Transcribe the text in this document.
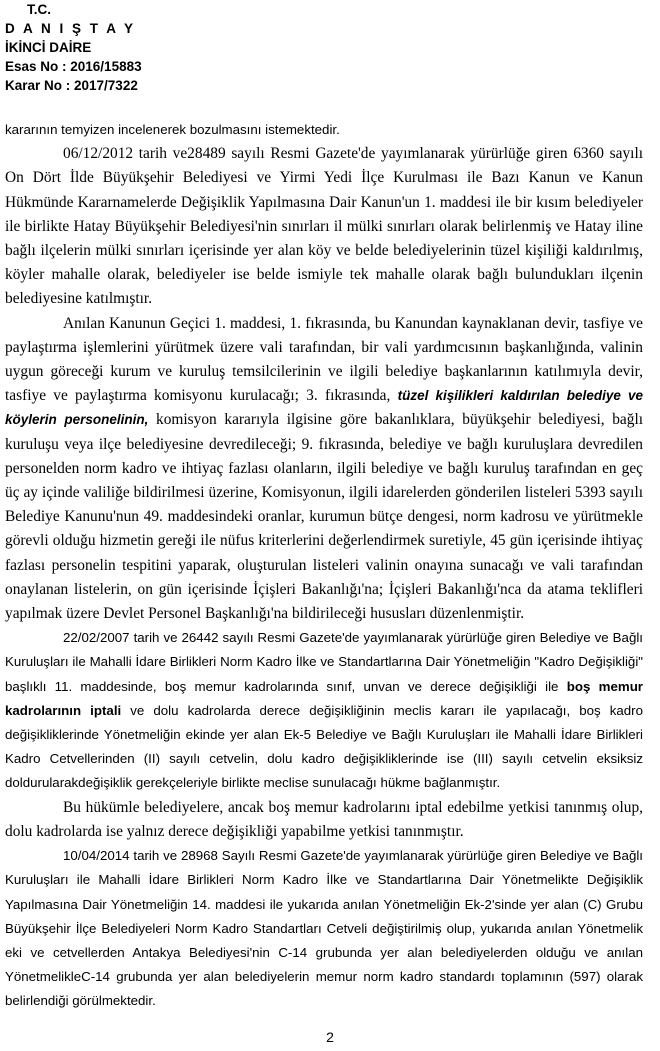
T.C.
D A N I Ş T A Y
İKİNCİ DAİRE
Esas No : 2016/15883
Karar No : 2017/7322

kararının temyizen incelenerek bozulmasını istemektedir.

06/12/2012 tarih ve28489 sayılı Resmi Gazete'de yayımlanarak yürürlüğe giren 6360 sayılı On Dört İlde Büyükşehir Belediyesi ve Yirmi Yedi İlçe Kurulması ile Bazı Kanun ve Kanun Hükmünde Kararnamelerde Değişiklik Yapılmasına Dair Kanun'un 1. maddesi ile bir kısım belediyeler ile birlikte Hatay Büyükşehir Belediyesi'nin sınırları il mülki sınırları olarak belirlenmiş ve Hatay iline bağlı ilçelerin mülki sınırları içerisinde yer alan köy ve belde belediyelerinin tüzel kişiliği kaldırılmış, köyler mahalle olarak, belediyeler ise belde ismiyle tek mahalle olarak bağlı bulundukları ilçenin belediyesine katılmıştır.

Anılan Kanunun Geçici 1. maddesi, 1. fıkrasında, bu Kanundan kaynaklanan devir, tasfiye ve paylaştırma işlemlerini yürütmek üzere vali tarafından, bir vali yardımcısının başkanlığında, valinin uygun göreceği kurum ve kuruluş temsilcilerinin ve ilgili belediye başkanlarının katılımıyla devir, tasfiye ve paylaştırma komisyonu kurulacağı; 3. fıkrasında, tüzel kişilikleri kaldırılan belediye ve köylerin personelinin, komisyon kararıyla ilgisine göre bakanlıklara, büyükşehir belediyesi, bağlı kuruluşu veya ilçe belediyesine devredileceği; 9. fıkrasında, belediye ve bağlı kuruluşlara devredilen personelden norm kadro ve ihtiyaç fazlası olanların, ilgili belediye ve bağlı kuruluş tarafından en geç üç ay içinde valiliğe bildirilmesi üzerine, Komisyonun, ilgili idarelerden gönderilen listeleri 5393 sayılı Belediye Kanunu'nun 49. maddesindeki oranlar, kurumun bütçe dengesi, norm kadrosu ve yürütmekle görevli olduğu hizmetin gereği ile nüfus kriterlerini değerlendirmek suretiyle, 45 gün içerisinde ihtiyaç fazlası personelin tespitini yaparak, oluşturulan listeleri valinin onayına sunacağı ve vali tarafından onaylanan listelerin, on gün içerisinde İçişleri Bakanlığı'na; İçişleri Bakanlığı'nca da atama teklifleri yapılmak üzere Devlet Personel Başkanlığı'na bildirileceği hususları düzenlenmiştir.

22/02/2007 tarih ve 26442 sayılı Resmi Gazete'de yayımlanarak yürürlüğe giren Belediye ve Bağlı Kuruluşları ile Mahalli İdare Birlikleri Norm Kadro İlke ve Standartlarına Dair Yönetmeliğin "Kadro Değişikliği" başlıklı 11. maddesinde, boş memur kadrolarında sınıf, unvan ve derece değişikliği ile boş memur kadrolarının iptali ve dolu kadrolarda derece değişikliğinin meclis kararı ile yapılacağı, boş kadro değişikliklerinde Yönetmeliğin ekinde yer alan Ek-5 Belediye ve Bağlı Kuruluşları ile Mahalli İdare Birlikleri Kadro Cetvellerinden (II) sayılı cetvelin, dolu kadro değişikliklerinde ise (III) sayılı cetvelin eksiksiz doldurularakdeğişiklik gerekçeleriyle birlikte meclise sunulacağı hükme bağlanmıştır.

Bu hükümle belediyelere, ancak boş memur kadrolarını iptal edebilme yetkisi tanınmış olup, dolu kadrolarda ise yalnız derece değişikliği yapabilme yetkisi tanınmıştır.

10/04/2014 tarih ve 28968 Sayılı Resmi Gazete'de yayımlanarak yürürlüğe giren Belediye ve Bağlı Kuruluşları ile Mahalli İdare Birlikleri Norm Kadro İlke ve Standartlarına Dair Yönetmelikte Değişiklik Yapılmasına Dair Yönetmeliğin 14. maddesi ile yukarıda anılan Yönetmeliğin Ek-2'sinde yer alan (C) Grubu Büyükşehir İlçe Belediyeleri Norm Kadro Standartları Cetveli değiştirilmiş olup, yukarıda anılan Yönetmelik eki ve cetvellerden Antakya Belediyesi'nin C-14 grubunda yer alan belediyelerden olduğu ve anılan YönetmelikleC-14 grubunda yer alan belediyelerin memur norm kadro standardı toplamının (597) olarak belirlendiği görülmektedir.

2
